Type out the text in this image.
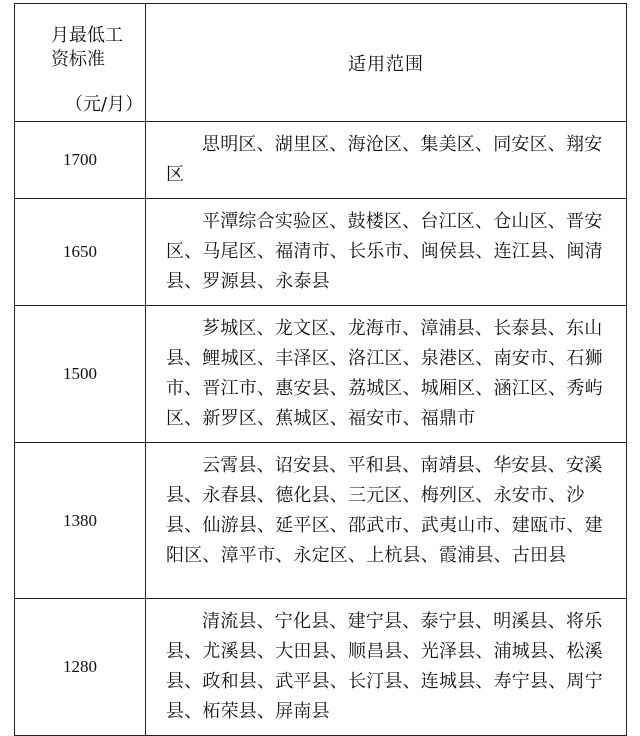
月最低工
资标准
（元/月）	适用范围
1700	思明区、湖里区、海沧区、集美区、同安区、翔安区
1650	平潭综合实验区、鼓楼区、台江区、仓山区、晋安区、马尾区、福清市、长乐市、闽侯县、连江县、闽清县、罗源县、永泰县
1500	芗城区、龙文区、龙海市、漳浦县、长泰县、东山县、鲤城区、丰泽区、洛江区、泉港区、南安市、石狮市、晋江市、惠安县、荔城区、城厢区、涵江区、秀屿区、新罗区、蕉城区、福安市、福鼎市
1380	云霄县、诏安县、平和县、南靖县、华安县、安溪县、永春县、德化县、三元区、梅列区、永安市、沙县、仙游县、延平区、邵武市、武夷山市、建瓯市、建阳区、漳平市、永定区、上杭县、霞浦县、古田县
1280	清流县、宁化县、建宁县、泰宁县、明溪县、将乐县、尤溪县、大田县、顺昌县、光泽县、浦城县、松溪县、政和县、武平县、长汀县、连城县、寿宁县、周宁县、柘荣县、屏南县
